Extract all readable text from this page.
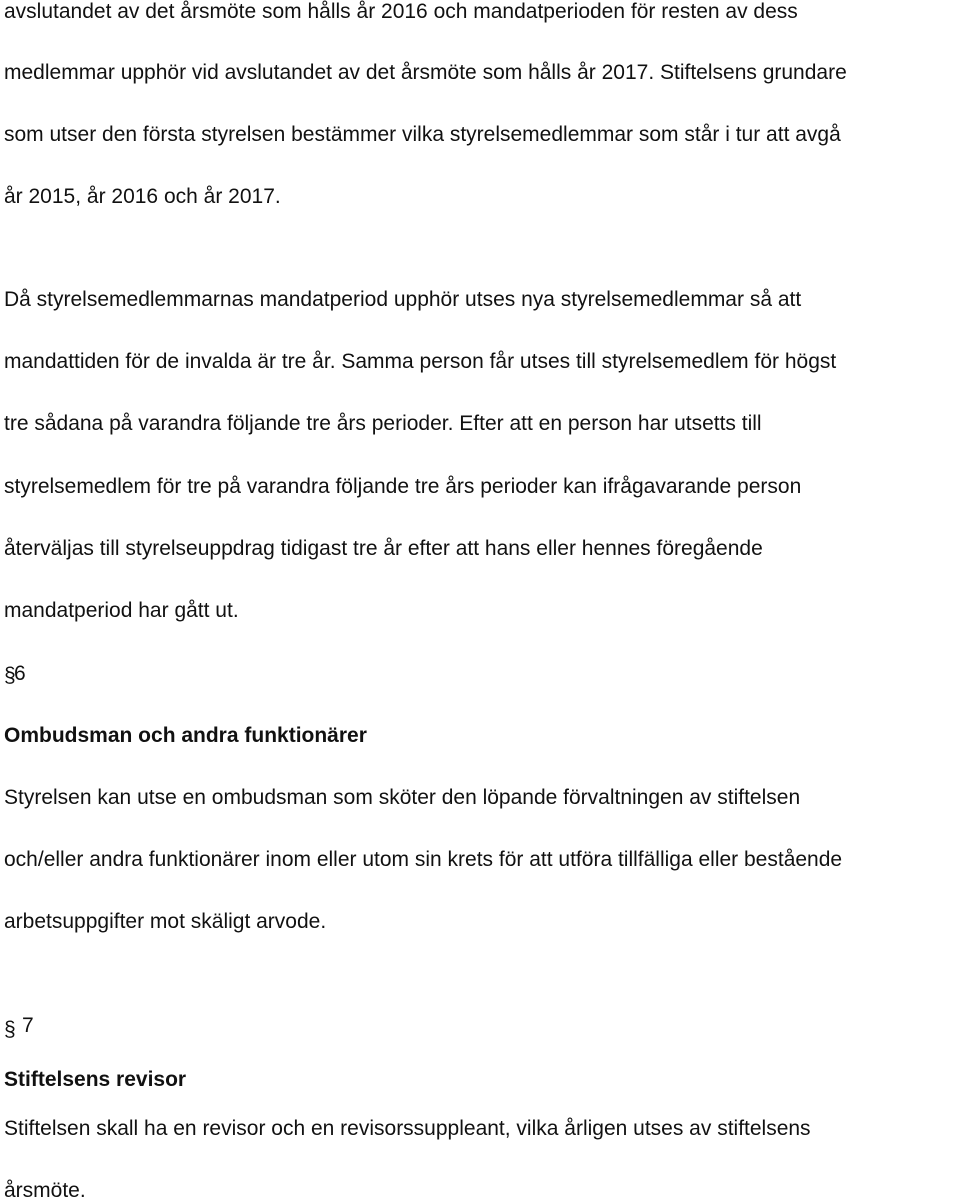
avslutandet av det årsmöte som hålls år 2016 och mandatperioden för resten av dess
medlemmar upphör vid avslutandet av det årsmöte som hålls år 2017. Stiftelsens grundare
som utser den första styrelsen bestämmer vilka styrelsemedlemmar som står i tur att avgå
år 2015, år 2016 och år 2017.
Då styrelsemedlemmarnas mandatperiod upphör utses nya styrelsemedlemmar så att
mandattiden för de invalda är tre år. Samma person får utses till styrelsemedlem för högst
tre sådana på varandra följande tre års perioder. Efter att en person har utsetts till
styrelsemedlem för tre på varandra följande tre års perioder kan ifrågavarande person
återväljas till styrelseuppdrag tidigast tre år efter att hans eller hennes föregående
mandatperiod har gått ut.
§
6
Ombudsman och andra funktionärer
Styrelsen kan utse en ombudsman som sköter den löpande förvaltningen av stiftelsen
och/eller andra funktionärer inom eller utom sin krets för att utföra tillfälliga eller bestående
arbetsuppgifter mot skäligt arvode.
§ 7
Stiftelsens revisor
Stiftelsen skall ha en revisor och en revisorssuppleant, vilka årligen utses av stiftelsens
årsmöte.
